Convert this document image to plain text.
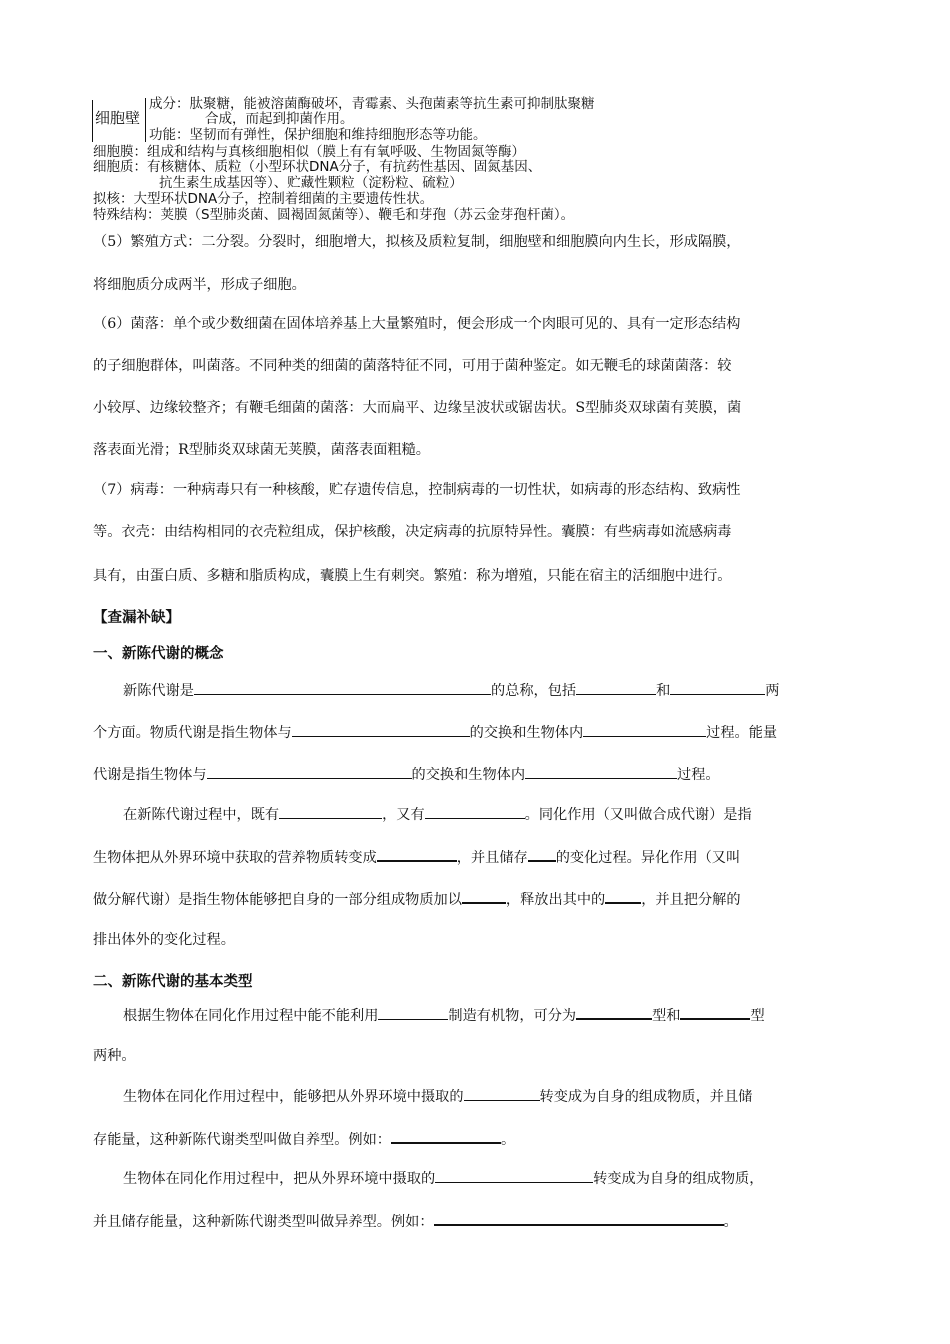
细胞壁
成分：肽聚糖，能被溶菌酶破坏，青霉素、头孢菌素等抗生素可抑制肽聚糖
合成，而起到抑菌作用。
功能：坚韧而有弹性，保护细胞和维持细胞形态等功能。
细胞膜：组成和结构与真核细胞相似（膜上有有氧呼吸、生物固氮等酶）
细胞质：有核糖体、质粒（小型环状DNA分子，有抗药性基因、固氮基因、
抗生素生成基因等）、贮藏性颗粒（淀粉粒、硫粒）
拟核：大型环状DNA分子，控制着细菌的主要遗传性状。
特殊结构：荚膜（S型肺炎菌、圆褐固氮菌等）、鞭毛和芽孢（苏云金芽孢杆菌）。
（5）繁殖方式：二分裂。分裂时，细胞增大，拟核及质粒复制，细胞壁和细胞膜向内生长，形成隔膜，
将细胞质分成两半，形成子细胞。
（6）菌落：单个或少数细菌在固体培养基上大量繁殖时，便会形成一个肉眼可见的、具有一定形态结构
的子细胞群体，叫菌落。不同种类的细菌的菌落特征不同，可用于菌种鉴定。如无鞭毛的球菌菌落：较
小较厚、边缘较整齐；有鞭毛细菌的菌落：大而扁平、边缘呈波状或锯齿状。S型肺炎双球菌有荚膜，菌
落表面光滑；R型肺炎双球菌无荚膜，菌落表面粗糙。
（7）病毒：一种病毒只有一种核酸，贮存遗传信息，控制病毒的一切性状，如病毒的形态结构、致病性
等。衣壳：由结构相同的衣壳粒组成，保护核酸，决定病毒的抗原特异性。囊膜：有些病毒如流感病毒
具有，由蛋白质、多糖和脂质构成，囊膜上生有刺突。繁殖：称为增殖，只能在宿主的活细胞中进行。
【查漏补缺】
一、新陈代谢的概念
新陈代谢是	的总称，包括	和	两
个方面。物质代谢是指生物体与	的交换和生物体内	过程。能量
代谢是指生物体与	的交换和生物体内	过程。
在新陈代谢过程中，既有	，又有	。同化作用（又叫做合成代谢）是指
生物体把从外界环境中获取的营养物质转变成	，并且储存 的变化过程。异化作用（又叫
做分解代谢）是指生物体能够把自身的一部分组成物质加以	，释放出其中的	，并且把分解的
排出体外的变化过程。
二、新陈代谢的基本类型
根据生物体在同化作用过程中能不能利用	制造有机物，可分为	型和	型
两种。
生物体在同化作用过程中，能够把从外界环境中摄取的	转变成为自身的组成物质，并且储
存能量，这种新陈代谢类型叫做自养型。例如：	。
生物体在同化作用过程中，把从外界环境中摄取的	转变成为自身的组成物质，
并且储存能量，这种新陈代谢类型叫做异养型。例如：	。
